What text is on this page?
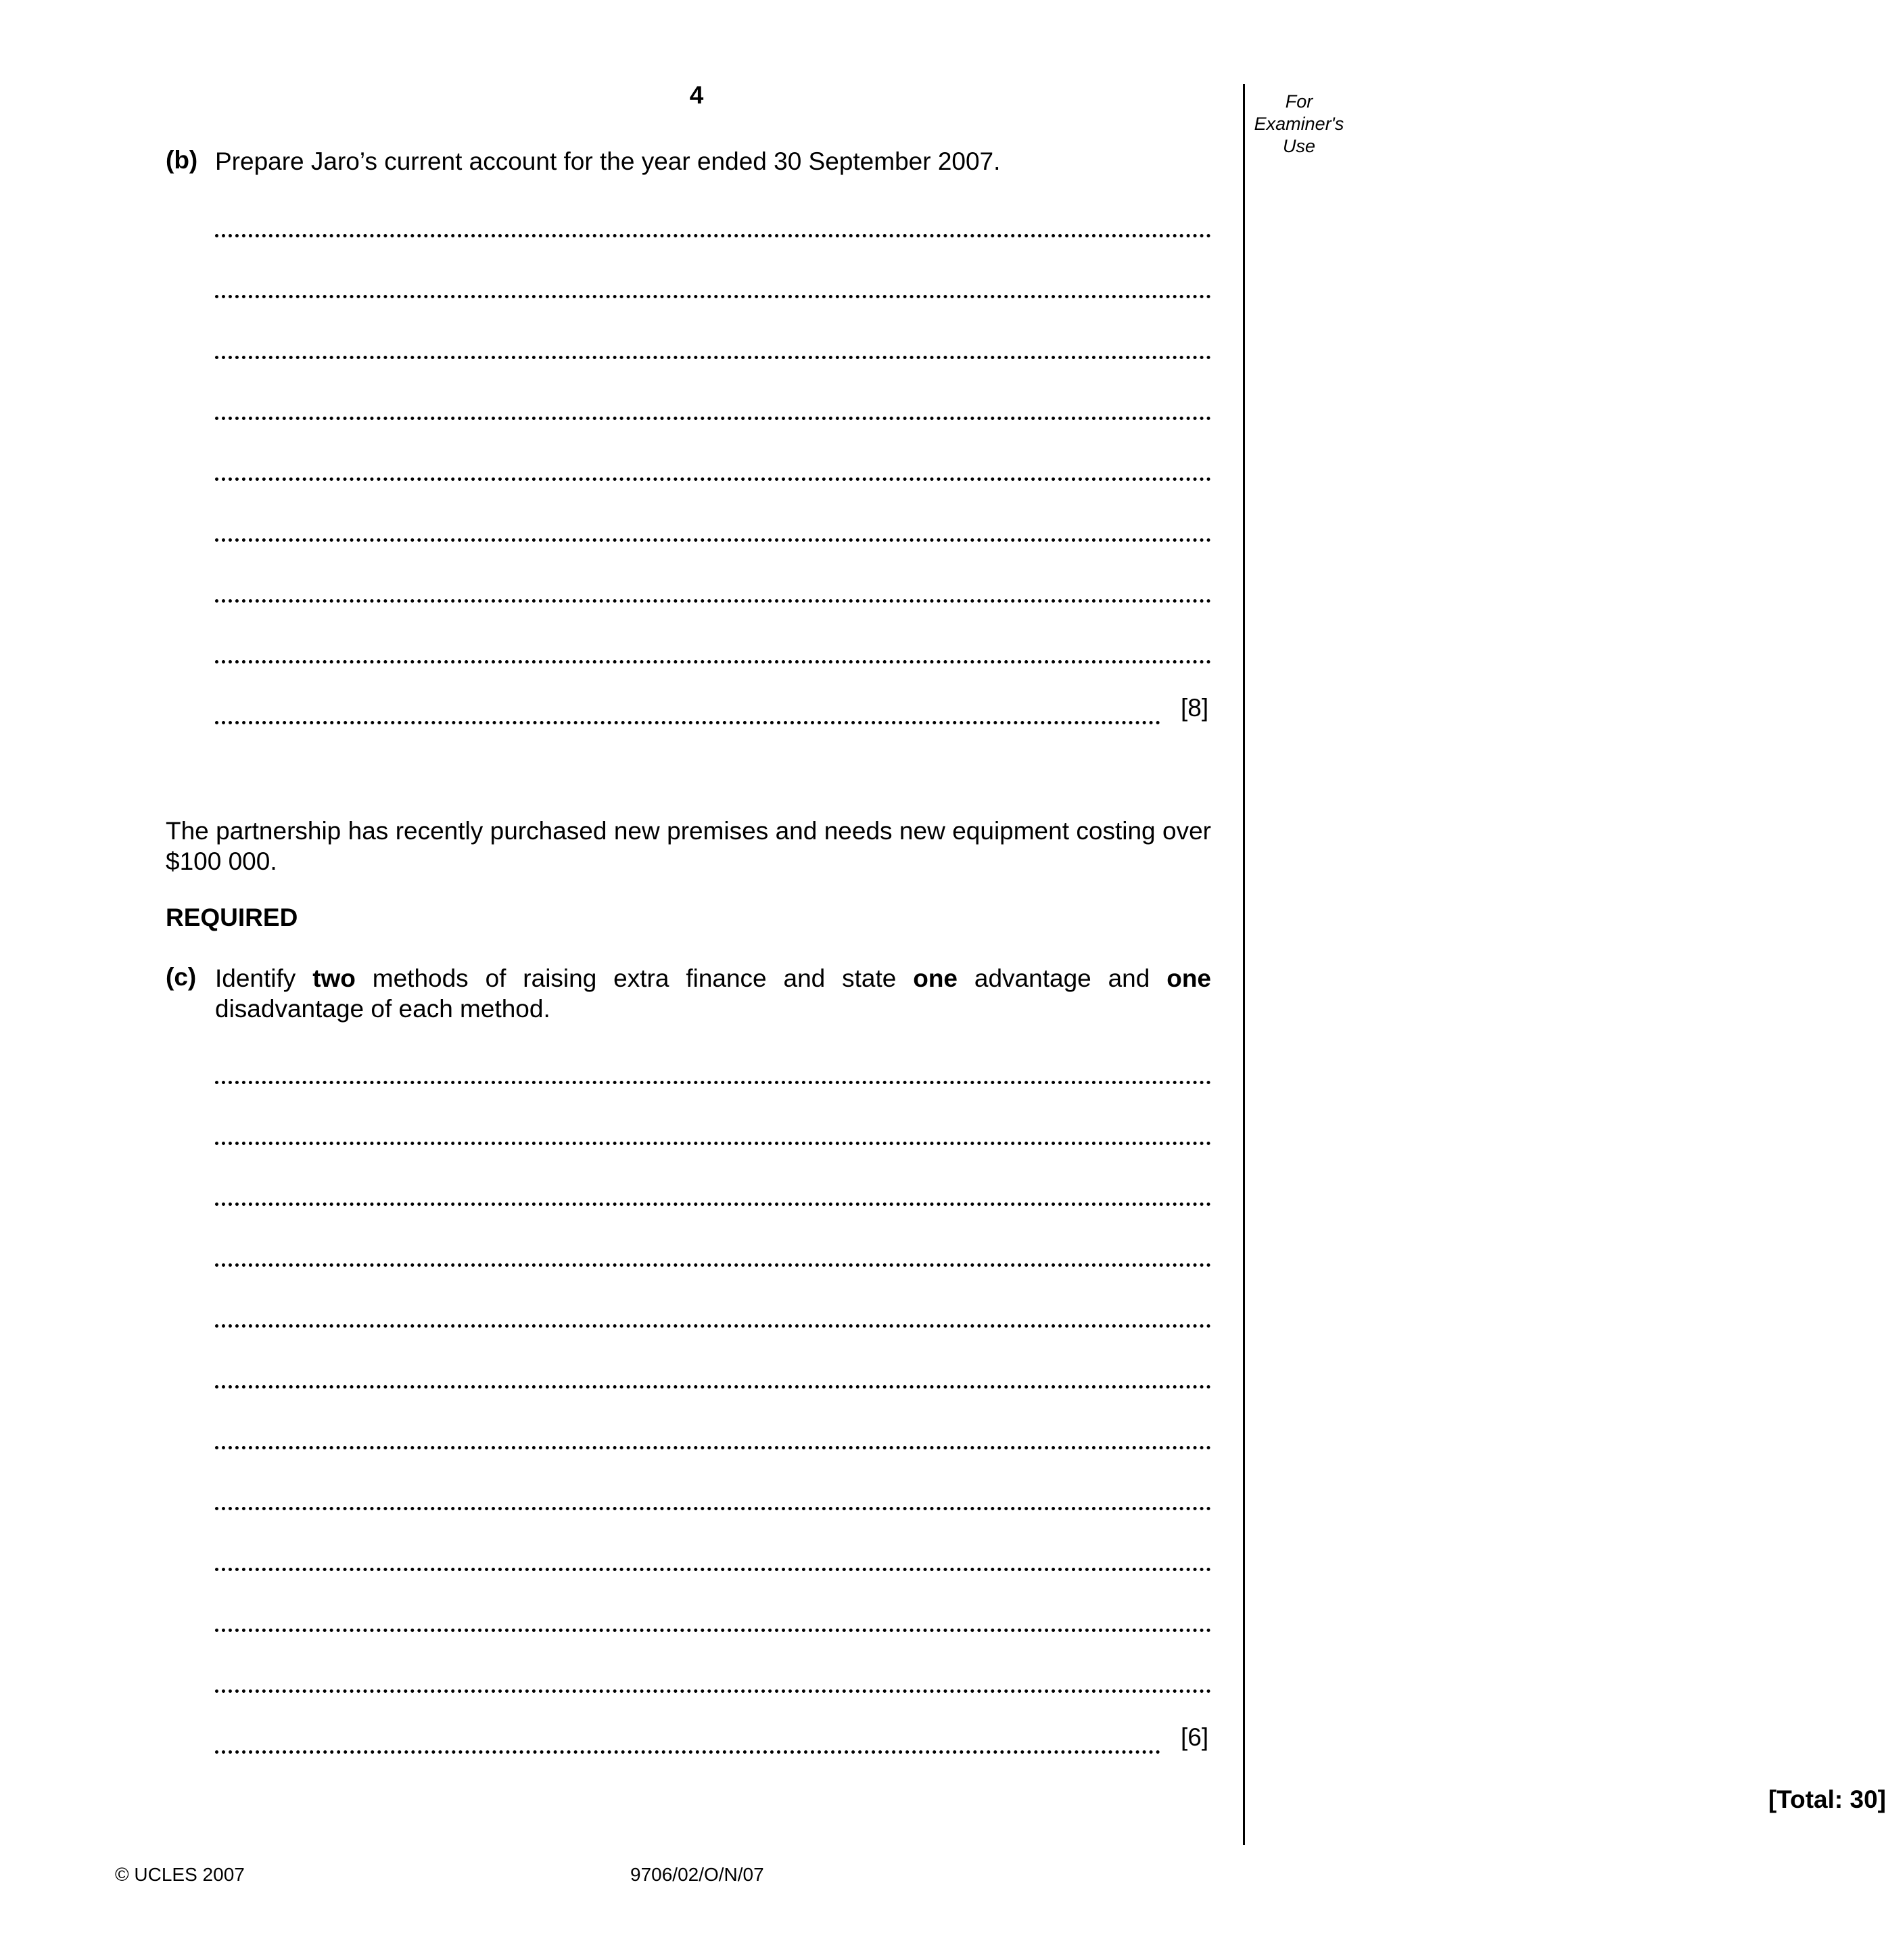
4	For
Examiner's
Use
(b) Prepare Jaro’s current account for the year ended 30 September 2007.
[8]
The partnership has recently purchased new premises and needs new equipment costing over $100 000.
REQUIRED
(c) Identify two methods of raising extra finance and state one advantage and one disadvantage of each method.
[6]
[Total: 30]
© UCLES 2007	9706/02/O/N/07
